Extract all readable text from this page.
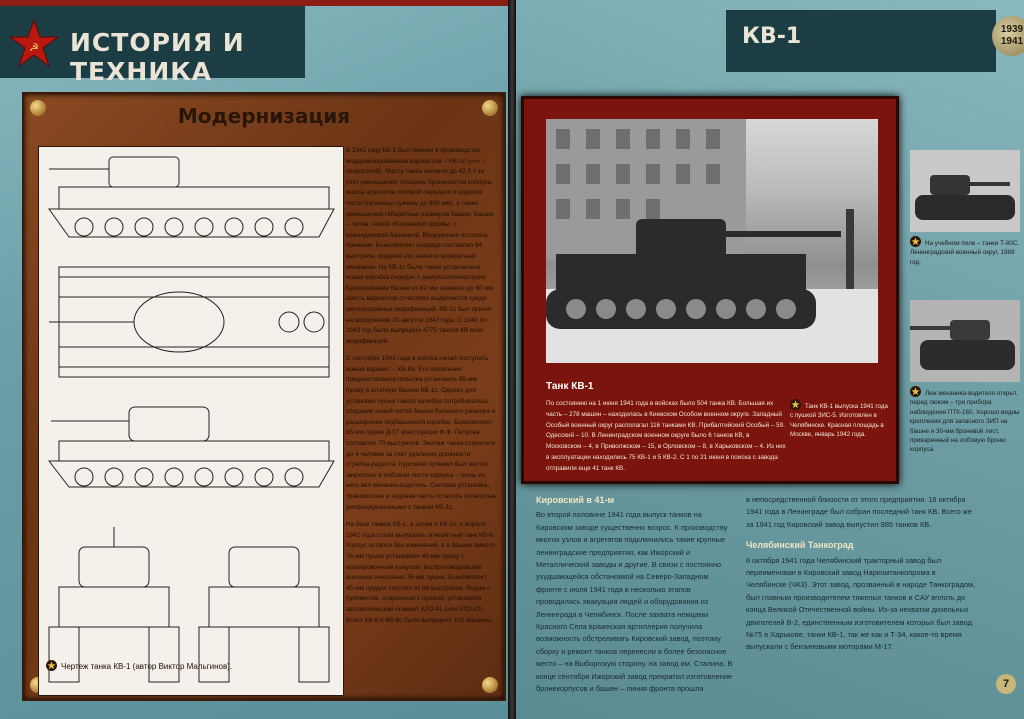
☭ ИСТОРИЯ И ТЕХНИКА
Модернизация

В 1942 году КВ-1 был сменен в производстве модернизированным вариантом – КВ-1с («с» – скоростной). Массу танка снизили до 42,5 т за счет уменьшения толщины бронелистов корпуса, массы агрегатов силовой передачи и ходовой части (гусеницы сужены до 608 мм), а также уменьшения габаритных размеров башни. Башня – литая, новой обтекаемой формы, с командирской башенкой. Вооружение осталось прежним. Боекомплект снаряда составлял 94 выстрела, подачей его занялся возвратный механизм. На КВ-1с была также установлена новая коробка передач с демультипликатором. Бронирование башни от 82 мм снижено до 60 мм. Шесть вариантов отчетливо выделяются среди мелкосерийных модификаций. КВ-1с был принят на вооружение 20 августа 1942 года. С 1940 по 1943 год было выпущено 4775 танков КВ всех модификаций.

С сентября 1943 года в войска начал поступать новый вариант – КВ-85. Его появление предшествовала попытка установить 85-мм пушку в штатную башню КВ-1с. Однако для установки пушки такого калибра потребовалось создание новой литой башни большего размера и расширение подбашенной коробки. Боекомплект 85-мм пушки Д-5Т конструкции Ф.Ф. Петрова составлял 70 выстрелов. Экипаж танка сократили до 4 человек за счет удаления должности стрелка-радиста. Курсовой пулемет был жестко закреплен в лобовом листе корпуса – огонь из него вел механик-водитель. Силовая установка, трансмиссия и ходовая часть остались полностью унифицированными с танком КВ-1с.

На базе танков КВ-1, а затем и КВ-1с, с апреля 1942 года стали выпускать огнеметный танк КВ-8. Корпус остался без изменений, а в башню вместо 76-мм пушки установили 45-мм пушку с маскировочным кожухом, воспроизводившим внешние очертания 76-мм пушки. Боекомплект 45-мм орудия состоял из 88 выстрелов. Рядом с пулеметом, спаренным с пушкой, установили автоматический огнемет АТО-41 (или АТО-42). Всего КВ-8 и КВ-8с было выпущено 102 машины.

Чертеж танка КВ-1 (автор Виктор Мальгинов).
КВ-1	1939
1941
Танк КВ-1
По состоянию на 1 июня 1941 года в войсках было 504 танка КВ. Большая их часть – 278 машин – находилась в Киевском Особом военном округе. Западный Особый военный округ располагал 116 танками КВ. Прибалтийский Особый – 59. Одесский – 10. В Ленинградском военном округе было 6 танков КВ, в Московском – 4, в Приволжском – 15, в Орловском – 8, в Харьковском – 4. Из них в эксплуатации находились 75 КВ-1 и 5 КВ-2. С 1 по 21 июня в поиска с завода отправили еще 41 танк КВ.
Танк КВ-1 выпуска 1941 года с пушкой ЗИС-5. Изготовлен в Челябинске. Красная площадь в Москве, январь 1942 года.
На учебном поле – танки Т-80С. Ленинградский военный округ, 1989 год.
Люк механика-водителя открыт, перед люком – три прибора наблюдения ПТК-160. Хорошо видны крепления для запасного ЗИП на башне и 30-мм броневой лист, приваренный на лобовую броню корпуса.
Кировский в 41-м

Во второй половине 1941 года выпуск танков на Кировском заводе существенно возрос. К производству многих узлов и агрегатов подключились такие крупные ленинградские предприятия, как Ижорский и Металлический заводы и другие. В связи с постоянно ухудшающейся обстановкой на Северо-Западном фронте с июля 1941 года в несколько этапов проводилась эвакуация людей и оборудования из Ленинграда в Челябинск. После захвата немцами Красного Села вражеская артиллерия получила возможность обстреливать Кировский завод, поэтому сборку и ремонт танков перенесли в более безопасное место – на Выборгскую сторону, на завод им. Сталина. В конце сентября Ижорский завод прекратил изготовление бронекорпусов и башен – линия фронта прошла

в непосредственной близости от этого предприятия. 18 октября 1941 года в Ленинграде был собран последний танк КВ. Всего же за 1941 год Кировский завод выпустил 885 танков КВ.

Челябинский Танкоград

6 октября 1941 года Челябинский тракторный завод был переименован в Кировский завод Наркомтанкопрома в Челябинске (ЧКЗ). Этот завод, прозванный в народе Танкоградом, был главным производителем тяжелых танков и САУ вплоть до конца Великой Отечественной войны. Из-за нехватки дизельных двигателей В-2, единственным изготовителем которых был завод №75 в Харькове, танки КВ-1, так же как и Т-34, какое-то время выпускали с бензиновыми моторами М-17.

7
